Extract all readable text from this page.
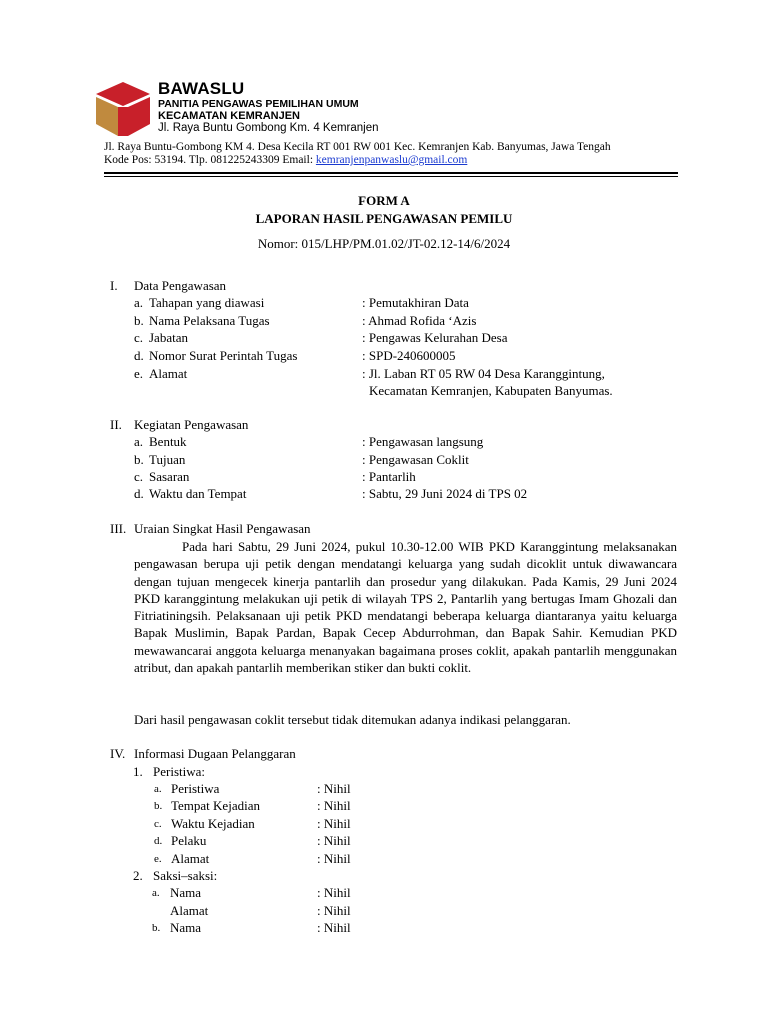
BAWASLU
PANITIA PENGAWAS PEMILIHAN UMUM
KECAMATAN KEMRANJEN
Jl. Raya Buntu Gombong Km. 4 Kemranjen
Jl. Raya Buntu-Gombong KM 4. Desa Kecila RT 001 RW 001 Kec. Kemranjen Kab. Banyumas, Jawa Tengah
Kode Pos: 53194. Tlp. 081225243309 Email: kemranjenpanwaslu@gmail.com
FORM A
LAPORAN HASIL PENGAWASAN PEMILU
Nomor: 015/LHP/PM.01.02/JT-02.12-14/6/2024
I. Data Pengawasan
a. Tahapan yang diawasi	: Pemutakhiran Data
b. Nama Pelaksana Tugas	: Ahmad Rofida ‘Azis
c. Jabatan	: Pengawas Kelurahan Desa
d. Nomor Surat Perintah Tugas	: SPD-240600005
e. Alamat	: Jl. Laban RT 05 RW 04 Desa Karanggintung,
Kecamatan Kemranjen, Kabupaten Banyumas.
II. Kegiatan Pengawasan
a. Bentuk	: Pengawasan langsung
b. Tujuan	: Pengawasan Coklit
c. Sasaran	: Pantarlih
d. Waktu dan Tempat	: Sabtu, 29 Juni 2024 di TPS 02
III. Uraian Singkat Hasil Pengawasan
Pada hari Sabtu, 29 Juni 2024, pukul 10.30-12.00 WIB PKD Karanggintung melaksanakan pengawasan berupa uji petik dengan mendatangi keluarga yang sudah dicoklit untuk diwawancara dengan tujuan mengecek kinerja pantarlih dan prosedur yang dilakukan. Pada Kamis, 29 Juni 2024 PKD karanggintung melakukan uji petik di wilayah TPS 2, Pantarlih yang bertugas Imam Ghozali dan Fitriatiningsih. Pelaksanaan uji petik PKD mendatangi beberapa keluarga diantaranya yaitu keluarga Bapak Muslimin, Bapak Pardan, Bapak Cecep Abdurrohman, dan Bapak Sahir. Kemudian PKD mewawancarai anggota keluarga menanyakan bagaimana proses coklit, apakah pantarlih menggunakan atribut, dan apakah pantarlih memberikan stiker dan bukti coklit.
Dari hasil pengawasan coklit tersebut tidak ditemukan adanya indikasi pelanggaran.
IV. Informasi Dugaan Pelanggaran
1. Peristiwa:
a. Peristiwa	: Nihil
b. Tempat Kejadian	: Nihil
c. Waktu Kejadian	: Nihil
d. Pelaku	: Nihil
e. Alamat	: Nihil
2. Saksi–saksi:
a. Nama	: Nihil
Alamat	: Nihil
b. Nama	: Nihil
